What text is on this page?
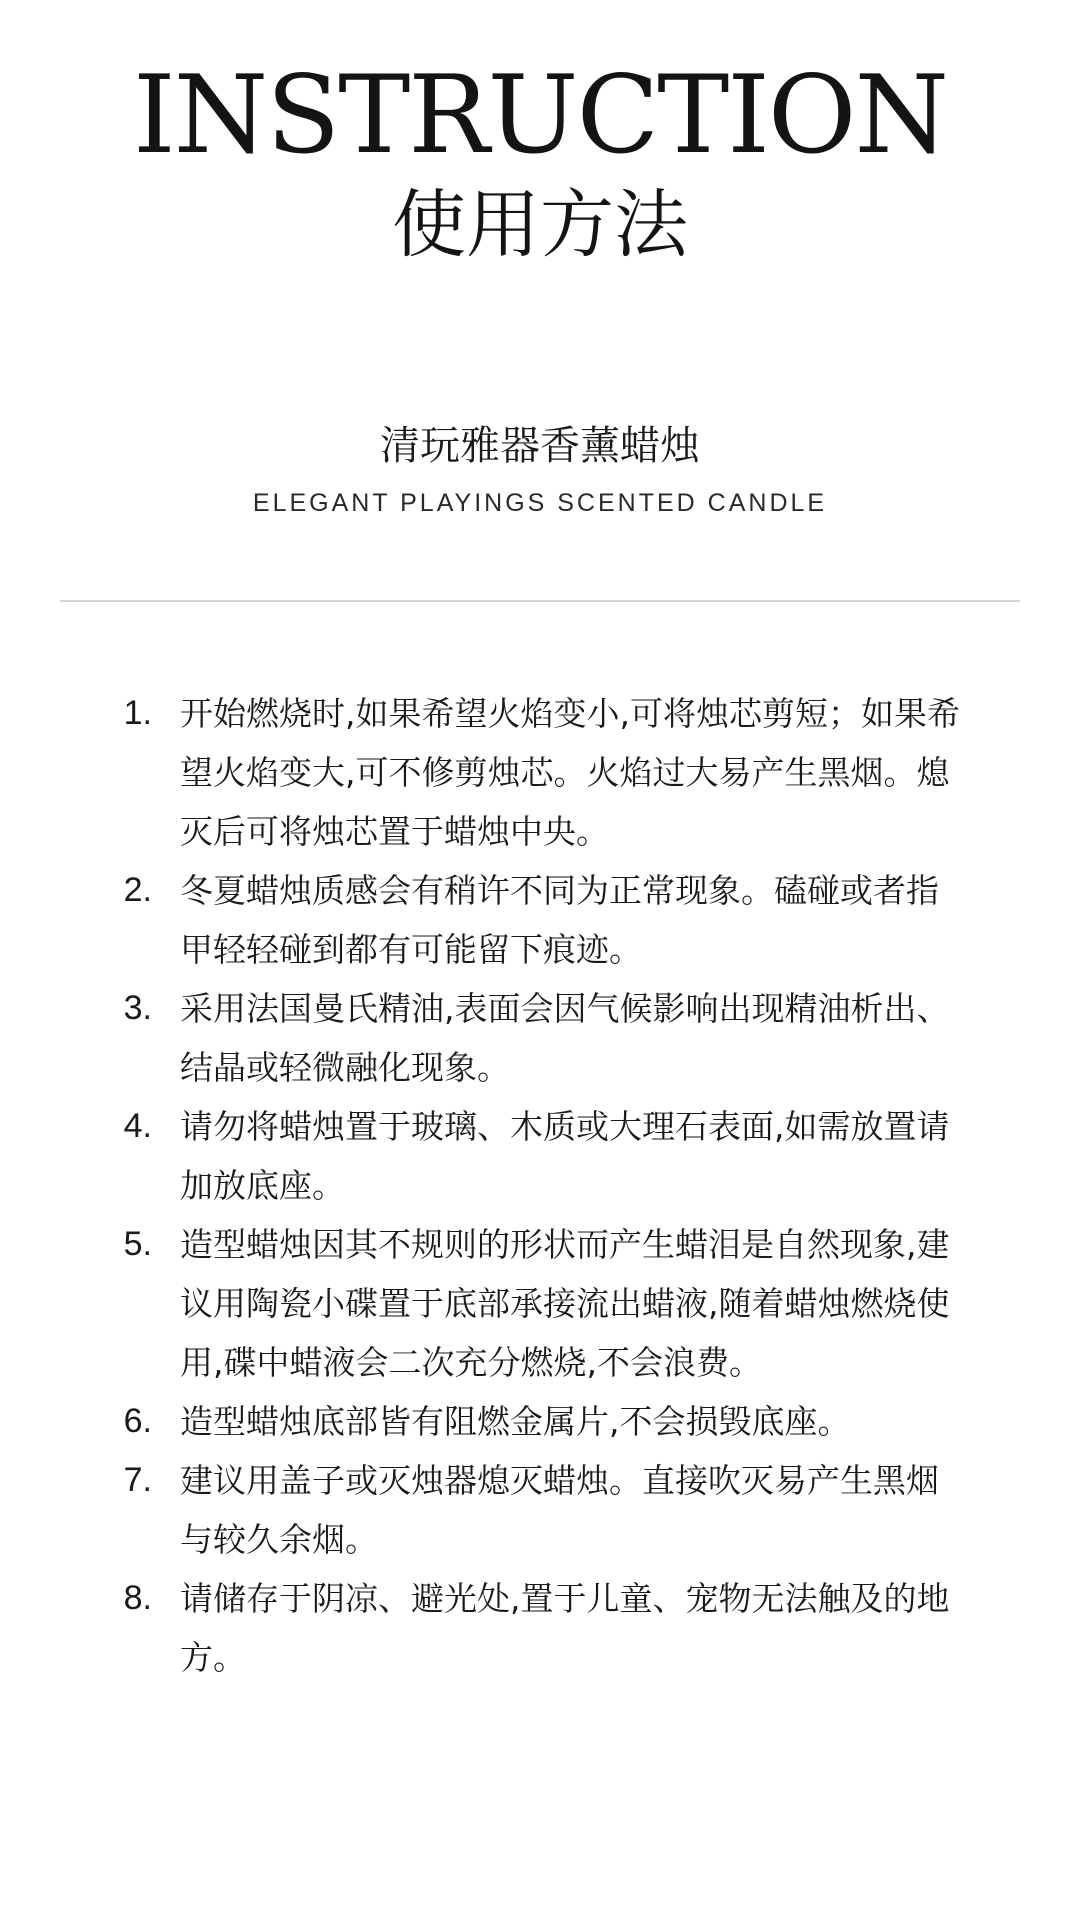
INSTRUCTION
使用方法
清玩雅器香薰蜡烛
ELEGANT PLAYINGS SCENTED CANDLE
1. 开始燃烧时,如果希望火焰变小,可将烛芯剪短；如果希望火焰变大,可不修剪烛芯。火焰过大易产生黑烟。熄灭后可将烛芯置于蜡烛中央。
2. 冬夏蜡烛质感会有稍许不同为正常现象。磕碰或者指甲轻轻碰到都有可能留下痕迹。
3. 采用法国曼氏精油,表面会因气候影响出现精油析出、结晶或轻微融化现象。
4. 请勿将蜡烛置于玻璃、木质或大理石表面,如需放置请加放底座。
5. 造型蜡烛因其不规则的形状而产生蜡泪是自然现象,建议用陶瓷小碟置于底部承接流出蜡液,随着蜡烛燃烧使用,碟中蜡液会二次充分燃烧,不会浪费。
6. 造型蜡烛底部皆有阻燃金属片,不会损毁底座。
7. 建议用盖子或灭烛器熄灭蜡烛。直接吹灭易产生黑烟与较久余烟。
8. 请储存于阴凉、避光处,置于儿童、宠物无法触及的地方。
